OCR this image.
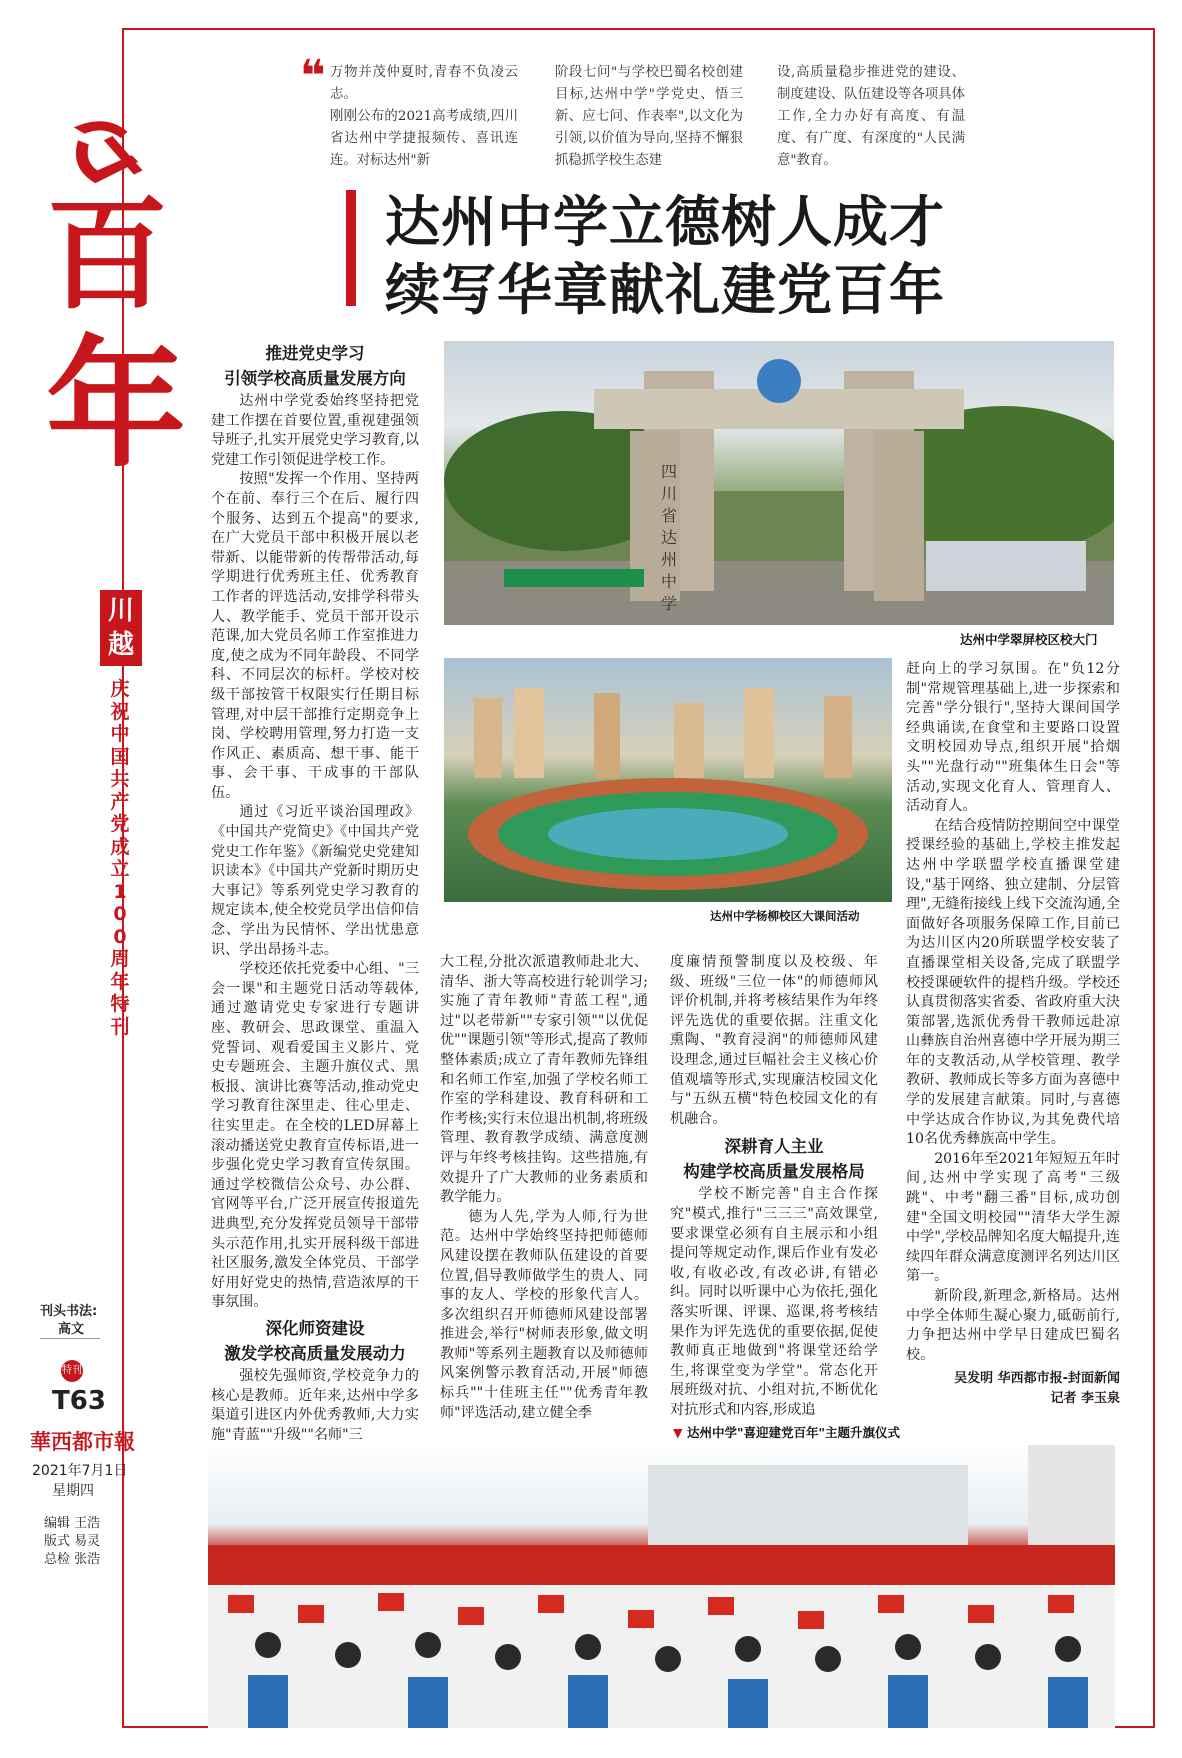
百
年
川
越
庆祝中国共产党成立100周年特刊
刊头书法:
高文
特刊
T63
華西都市報
2021年7月1日
星期四
编辑 王浩
版式 易灵
总检 张浩
❝ 万物并茂仲夏时,青春不负凌云志。
刚刚公布的2021高考成绩,四川省达州中学捷报频传、喜讯连连。对标达州"新
阶段七问"与学校巴蜀名校创建目标,达州中学"学党史、悟三新、应七问、作表率",以文化为引领,以价值为导向,坚持不懈狠抓稳抓学校生态建
设,高质量稳步推进党的建设、制度建设、队伍建设等各项具体工作,全力办好有高度、有温度、有广度、有深度的"人民满意"教育。
达州中学立德树人成才
续写华章献礼建党百年
推进党史学习
引领学校高质量发展方向

达州中学党委始终坚持把党建工作摆在首要位置,重视建强领导班子,扎实开展党史学习教育,以党建工作引领促进学校工作。

按照"发挥一个作用、坚持两个在前、奉行三个在后、履行四个服务、达到五个提高"的要求,在广大党员干部中积极开展以老带新、以能带新的传帮带活动,每学期进行优秀班主任、优秀教育工作者的评选活动,安排学科带头人、教学能手、党员干部开设示范课,加大党员名师工作室推进力度,使之成为不同年龄段、不同学科、不同层次的标杆。学校对校级干部按管干权限实行任期目标管理,对中层干部推行定期竞争上岗、学校聘用管理,努力打造一支作风正、素质高、想干事、能干事、会干事、干成事的干部队伍。

通过《习近平谈治国理政》《中国共产党简史》《中国共产党党史工作年鉴》《新编党史党建知识读本》《中国共产党新时期历史大事记》等系列党史学习教育的规定读本,使全校党员学出信仰信念、学出为民情怀、学出忧患意识、学出昂扬斗志。

学校还依托党委中心组、"三会一课"和主题党日活动等载体,通过邀请党史专家进行专题讲座、教研会、思政课堂、重温入党誓词、观看爱国主义影片、党史专题班会、主题升旗仪式、黑板报、演讲比赛等活动,推动党史学习教育往深里走、往心里走、往实里走。在全校的LED屏幕上滚动播送党史教育宣传标语,进一步强化党史学习教育宣传氛围。通过学校微信公众号、办公群、官网等平台,广泛开展宣传报道先进典型,充分发挥党员领导干部带头示范作用,扎实开展科级干部进社区服务,激发全体党员、干部学好用好党史的热情,营造浓厚的干事氛围。

深化师资建设
激发学校高质量发展动力

强校先强师资,学校竞争力的核心是教师。近年来,达州中学多渠道引进区内外优秀教师,大力实施"青蓝""升级""名师"三

大工程,分批次派遣教师赴北大、清华、浙大等高校进行轮训学习;实施了青年教师"青蓝工程",通过"以老带新""专家引领""以优促优""课题引领"等形式,提高了教师整体素质;成立了青年教师先锋组和名师工作室,加强了学校名师工作室的学科建设、教育科研和工作考核;实行末位退出机制,将班级管理、教育教学成绩、满意度测评与年终考核挂钩。这些措施,有效提升了广大教师的业务素质和教学能力。

德为人先,学为人师,行为世范。达州中学始终坚持把师德师风建设摆在教师队伍建设的首要位置,倡导教师做学生的贵人、同事的友人、学校的形象代言人。多次组织召开师德师风建设部署推进会,举行"树师表形象,做文明教师"等系列主题教育以及师德师风案例警示教育活动,开展"师德标兵""十佳班主任""优秀青年教师"评选活动,建立健全季

度廉情预警制度以及校级、年级、班级"三位一体"的师德师风评价机制,并将考核结果作为年终评先选优的重要依据。注重文化熏陶、"教育浸润"的师德师风建设理念,通过巨幅社会主义核心价值观墙等形式,实现廉洁校园文化与"五纵五横"特色校园文化的有机融合。

深耕育人主业
构建学校高质量发展格局

学校不断完善"自主合作探究"模式,推行"三三三"高效课堂,要求课堂必须有自主展示和小组提问等规定动作,课后作业有发必收,有收必改,有改必讲,有错必纠。同时以听课中心为依托,强化落实听课、评课、巡课,将考核结果作为评先选优的重要依据,促使教师真正地做到"将课堂还给学生,将课堂变为学堂"。常态化开展班级对抗、小组对抗,不断优化对抗形式和内容,形成追

赶向上的学习氛围。在"负12分制"常规管理基础上,进一步探索和完善"学分银行",坚持大课间国学经典诵读,在食堂和主要路口设置文明校园劝导点,组织开展"拾烟头""光盘行动""班集体生日会"等活动,实现文化育人、管理育人、活动育人。

在结合疫情防控期间空中课堂授课经验的基础上,学校主推发起达州中学联盟学校直播课堂建设,"基于网络、独立建制、分层管理",无缝衔接线上线下交流沟通,全面做好各项服务保障工作,目前已为达川区内20所联盟学校安装了直播课堂相关设备,完成了联盟学校授课硬软件的提档升级。学校还认真贯彻落实省委、省政府重大決策部署,选派优秀骨干教师远赴凉山彝族自治州喜德中学开展为期三年的支教活动,从学校管理、教学教研、教师成长等多方面为喜德中学的发展建言献策。同时,与喜德中学达成合作协议,为其免费代培10名优秀彝族高中学生。

2016年至2021年短短五年时间,达州中学实现了高考"三级跳"、中考"翻三番"目标,成功创建"全国文明校园""清华大学生源中学",学校品牌知名度大幅提升,连续四年群众满意度测评名列达川区第一。

新阶段,新理念,新格局。达州中学全体师生凝心聚力,砥砺前行,力争把达州中学早日建成巴蜀名校。

吴发明 华西都市报-封面新闻
记者 李玉泉
四川省达州中学
达州中学翠屏校区校大门
达州中学杨柳校区大课间活动
▼ 达州中学"喜迎建党百年"主题升旗仪式
